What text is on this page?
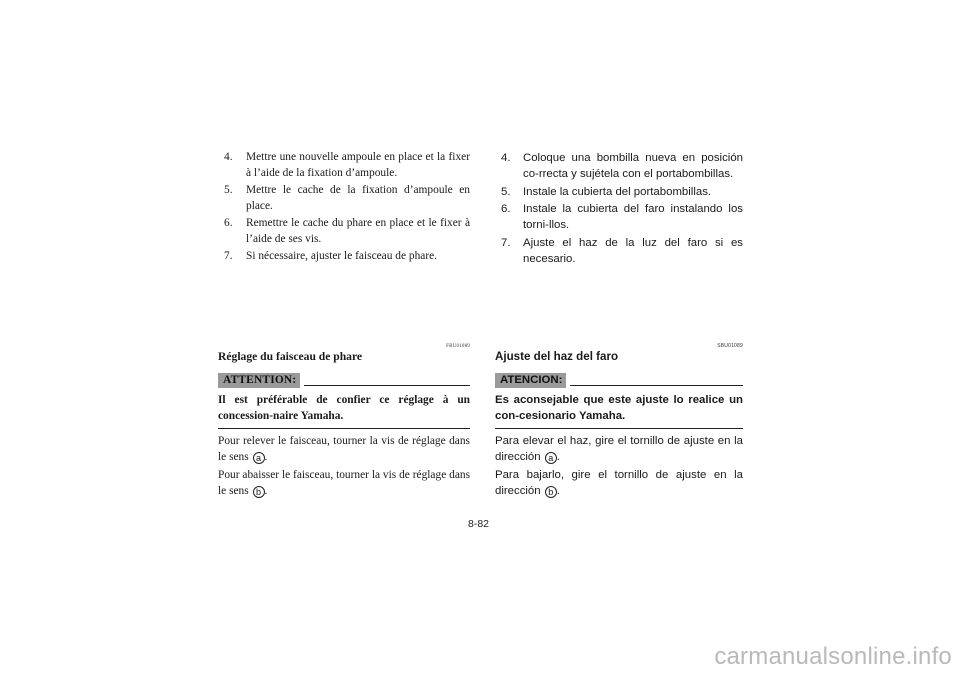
4. Mettre une nouvelle ampoule en place et la fixer à l’aide de la fixation d’ampoule.
5. Mettre le cache de la fixation d’ampoule en place.
6. Remettre le cache du phare en place et le fixer à l’aide de ses vis.
7. Si nécessaire, ajuster le faisceau de phare.
4. Coloque una bombilla nueva en posición co-rrecta y sujétela con el portabombillas.
5. Instale la cubierta del portabombillas.
6. Instale la cubierta del faro instalando los torni-llos.
7. Ajuste el haz de la luz del faro si es necesario.
FBU01089
Réglage du faisceau de phare
ATTENTION:
Il est préférable de confier ce réglage à un concession-naire Yamaha.
Pour relever le faisceau, tourner la vis de réglage dans le sens a .
Pour abaisser le faisceau, tourner la vis de réglage dans le sens b .
SBU01089
Ajuste del haz del faro
ATENCION:
Es aconsejable que este ajuste lo realice un con-cesionario Yamaha.
Para elevar el haz, gire el tornillo de ajuste en la dirección a .
Para bajarlo, gire el tornillo de ajuste en la dirección b .
8-82
carmanualsonline.info
